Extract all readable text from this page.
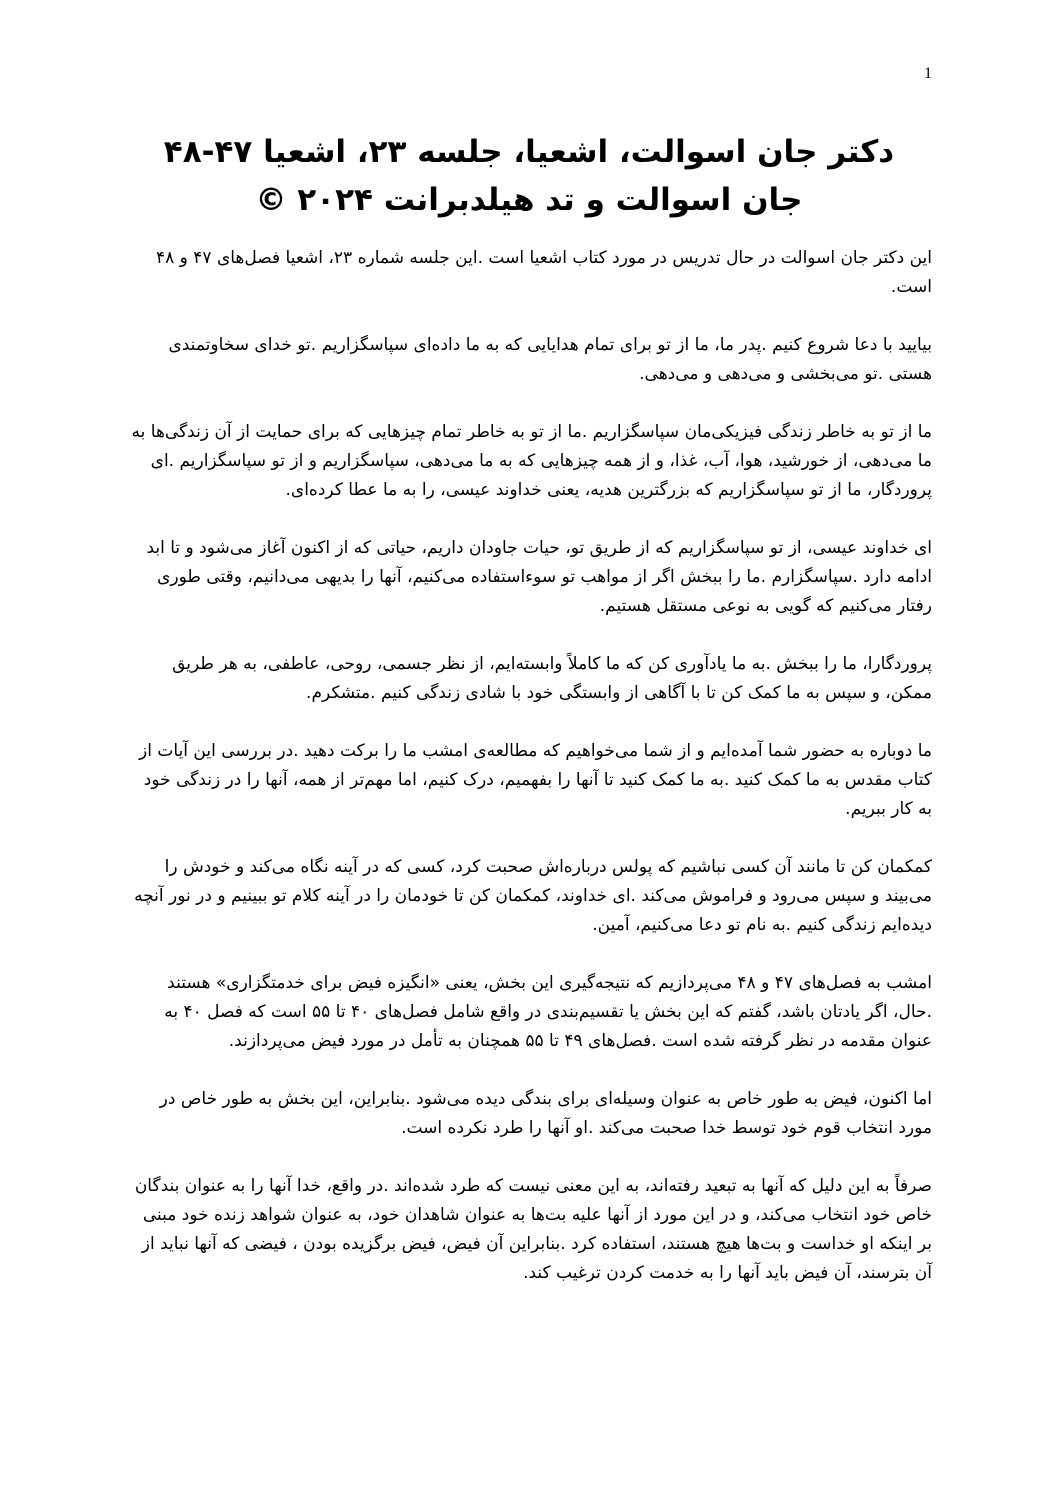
1

دکتر جان اسوالت، اشعیا، جلسه ۲۳، اشعیا ۴۷-۴۸

جان اسوالت و تد هیلدبرانت ۲۰۲۴ ©

این دکتر جان اسوالت در حال تدریس در مورد کتاب اشعیا است .این جلسه شماره ۲۳، اشعیا فصل‌های ۴۷ و ۴۸ است.

بیایید با دعا شروع کنیم .پدر ما، ما از تو برای تمام هدایایی که به ما داده‌ای سپاسگزاریم .تو خدای سخاوتمندی هستی .تو می‌بخشی و می‌دهی و می‌دهی.

ما از تو به خاطر زندگی فیزیکی‌مان سپاسگزاریم .ما از تو به خاطر تمام چیزهایی که برای حمایت از آن زندگی‌ها به ما می‌دهی، از خورشید، هوا، آب، غذا، و از همه چیزهایی که به ما می‌دهی، سپاسگزاریم و از تو سپاسگزاریم .ای پروردگار، ما از تو سپاسگزاریم که بزرگترین هدیه، یعنی خداوند عیسی، را به ما عطا کرده‌ای.

ای خداوند عیسی، از تو سپاسگزاریم که از طریق تو، حیات جاودان داریم، حیاتی که از اکنون آغاز می‌شود و تا ابد ادامه دارد .سپاسگزارم .ما را ببخش اگر از مواهب تو سوءاستفاده می‌کنیم، آنها را بدیهی می‌دانیم، وقتی طوری رفتار می‌کنیم که گویی به نوعی مستقل هستیم.

پروردگارا، ما را ببخش .به ما یادآوری کن که ما کاملاً وابسته‌ایم، از نظر جسمی، روحی، عاطفی، به هر طریق ممکن، و سپس به ما کمک کن تا با آگاهی از وابستگی خود با شادی زندگی کنیم .متشکرم.

ما دوباره به حضور شما آمده‌ایم و از شما می‌خواهیم که مطالعه‌ی امشب ما را برکت دهید .در بررسی این آیات از کتاب مقدس به ما کمک کنید .به ما کمک کنید تا آنها را بفهمیم، درک کنیم، اما مهم‌تر از همه، آنها را در زندگی خود به کار ببریم.

کمکمان کن تا مانند آن کسی نباشیم که پولس درباره‌اش صحبت کرد، کسی که در آینه نگاه می‌کند و خودش را می‌بیند و سپس می‌رود و فراموش می‌کند .ای خداوند، کمکمان کن تا خودمان را در آینه کلام تو ببینیم و در نور آنچه دیده‌ایم زندگی کنیم .به نام تو دعا می‌کنیم، آمین.

امشب به فصل‌های ۴۷ و ۴۸ می‌پردازیم که نتیجه‌گیری این بخش، یعنی «انگیزه فیض برای خدمتگزاری» هستند .حال، اگر یادتان باشد، گفتم که این بخش یا تقسیم‌بندی در واقع شامل فصل‌های ۴۰ تا ۵۵ است که فصل ۴۰ به عنوان مقدمه در نظر گرفته شده است .فصل‌های ۴۹ تا ۵۵ همچنان به تأمل در مورد فیض می‌پردازند.

اما اکنون، فیض به طور خاص به عنوان وسیله‌ای برای بندگی دیده می‌شود .بنابراین، این بخش به طور خاص در مورد انتخاب قوم خود توسط خدا صحبت می‌کند .او آنها را طرد نکرده است.

صرفاً به این دلیل که آنها به تبعید رفته‌اند، به این معنی نیست که طرد شده‌اند .در واقع، خدا آنها را به عنوان بندگان خاص خود انتخاب می‌کند، و در این مورد از آنها علیه بت‌ها به عنوان شاهدان خود، به عنوان شواهد زنده خود مبنی بر اینکه او خداست و بت‌ها هیچ هستند، استفاده کرد .بنابراین آن فیض، فیض برگزیده بودن ، فیضی که آنها نباید از آن بترسند، آن فیض باید آنها را به خدمت کردن ترغیب کند.
